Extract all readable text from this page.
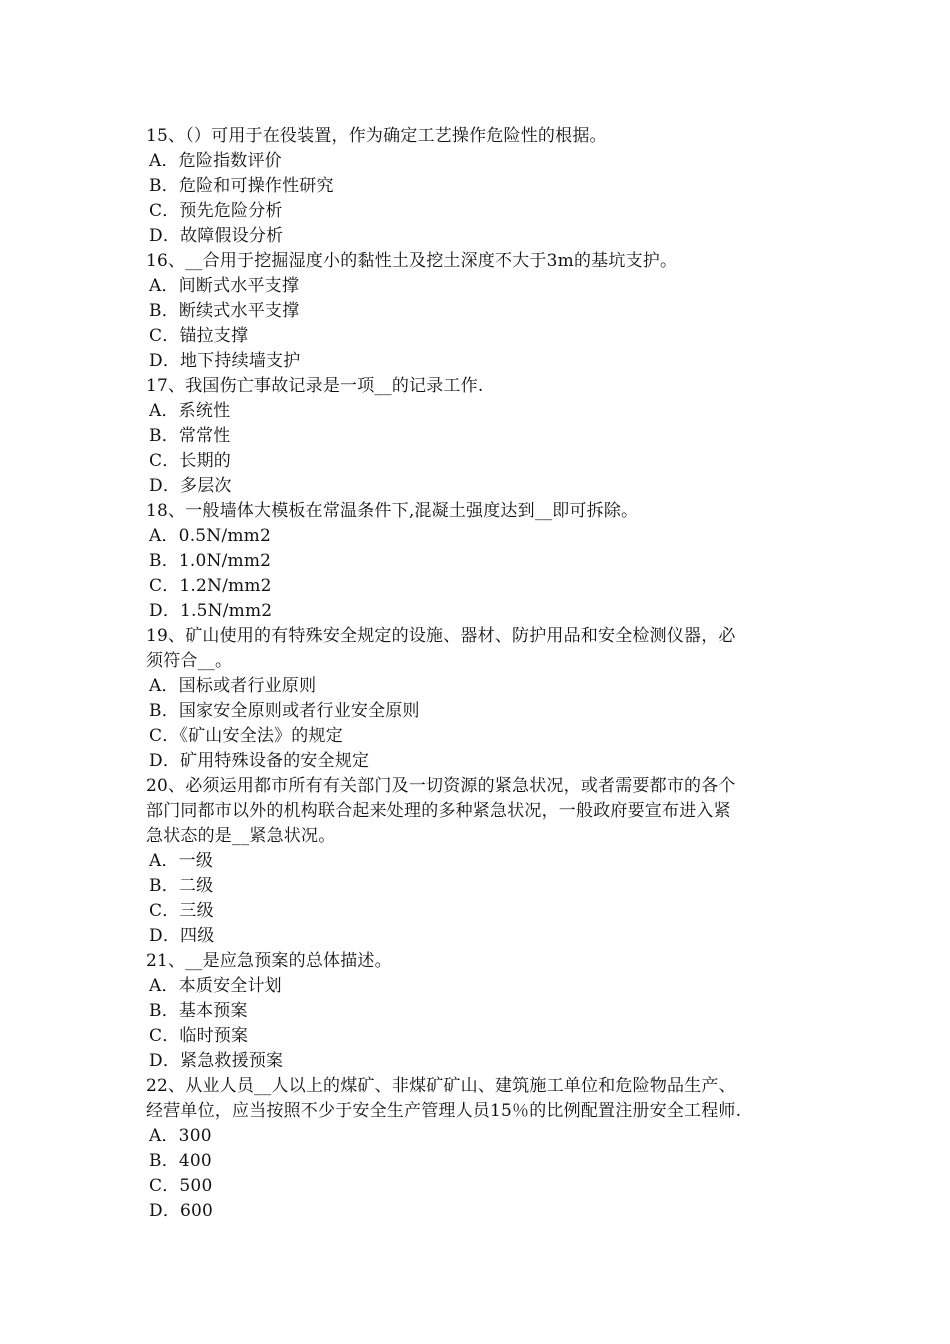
15、（）可用于在役装置，作为确定工艺操作危险性的根据。
A．危险指数评价
B．危险和可操作性研究
C．预先危险分析
D．故障假设分析
16、__合用于挖掘湿度小的黏性土及挖土深度不大于3m的基坑支护。
A．间断式水平支撑
B．断续式水平支撑
C．锚拉支撑
D．地下持续墙支护
17、我国伤亡事故记录是一项__的记录工作.
A．系统性
B．常常性
C．长期的
D．多层次
18、一般墙体大模板在常温条件下,混凝土强度达到__即可拆除。
A．0.5N/mm2
B．1.0N/mm2
C．1.2N/mm2
D．1.5N/mm2
19、矿山使用的有特殊安全规定的设施、器材、防护用品和安全检测仪器，必
须符合__。
A．国标或者行业原则
B．国家安全原则或者行业安全原则
C．《矿山安全法》的规定
D．矿用特殊设备的安全规定
20、必须运用都市所有有关部门及一切资源的紧急状况，或者需要都市的各个
部门同都市以外的机构联合起来处理的多种紧急状况，一般政府要宣布进入紧
急状态的是__紧急状况。
A．一级
B．二级
C．三级
D．四级
21、__是应急预案的总体描述。
A．本质安全计划
B．基本预案
C．临时预案
D．紧急救援预案
22、从业人员__人以上的煤矿、非煤矿矿山、建筑施工单位和危险物品生产、
经营单位，应当按照不少于安全生产管理人员15％的比例配置注册安全工程师.
A．300
B．400
C．500
D．600
